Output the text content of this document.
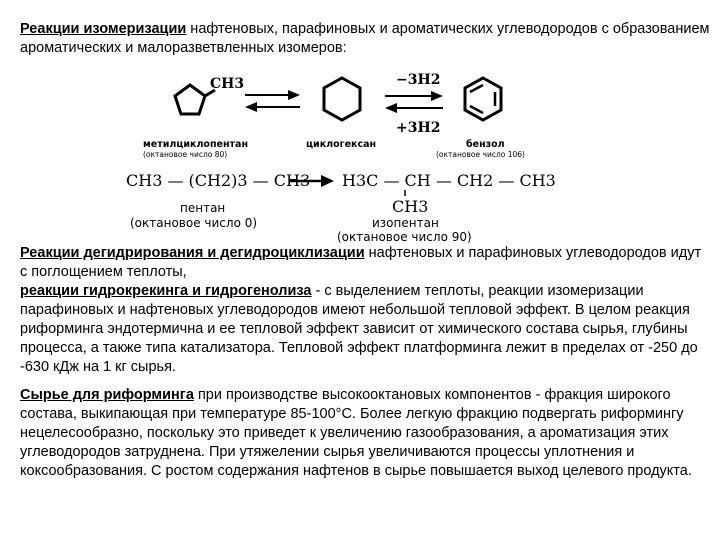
Реакции изомеризации нафтеновых, парафиновых и ароматических углеводородов с образованием ароматических и малоразветвленных изомеров:

CH3	−3H2
+3H2
метилциклопентан
(октановое число 80)
циклогексан	бензол
(октановое число 106)
CH3 — (CH2)3 — CH3 H3C — CH — CH2 — CH3
CH3
пентан
(октановое число 0)	изопентан
(октановое число 90)

Реакции дегидрирования и дегидроциклизации нафтеновых и парафиновых углеводородов идут с поглощением теплоты,
реакции гидрокрекинга и гидрогенолиза - с выделением теплоты, реакции изомеризации парафиновых и нафтеновых углеводородов имеют небольшой тепловой эффект. В целом реакция риформинга эндотермична и ее тепловой эффект зависит от химического состава сырья, глубины процесса, а также типа катализатора. Тепловой эффект платформинга лежит в пределах от -250 до -630 кДж на 1 кг сырья.

Сырье для риформинга при производстве высокооктановых компонентов - фракция широкого состава, выкипающая при температуре 85-100°С. Более легкую фракцию подвергать риформингу нецелесообразно, поскольку это приведет к увеличению газообразования, а ароматизация этих углеводородов затруднена. При утяжелении сырья увеличиваются процессы уплотнения и коксообразования. С ростом содержания нафтенов в сырье повышается выход целевого продукта.
